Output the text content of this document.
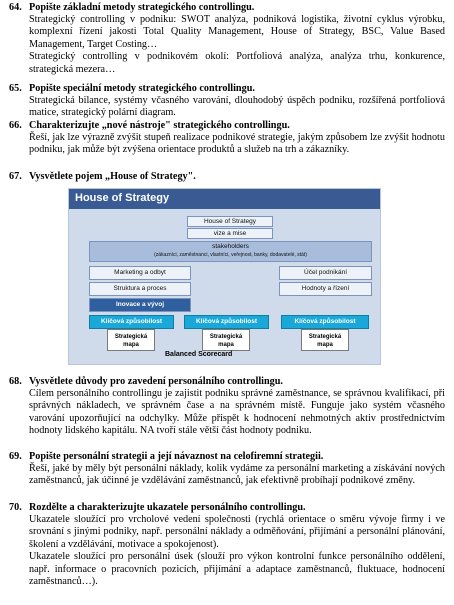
64. Popište základní metody strategického controllingu.

Strategický controlling v podniku: SWOT analýza, podniková logistika, životní cyklus výrobku, komplexní řízení jakosti Total Quality Management, House of Strategy, BSC, Value Based Management, Target Costing…

Strategický controlling v podnikovém okolí: Portfoliová analýza, analýza trhu, konkurence, strategická mezera…

65. Popište speciální metody strategického controllingu.

Strategická bilance, systémy včasného varování, dlouhodobý úspěch podniku, rozšířená portfoliová matice, strategický polární diagram.

66. Charakterizujte „nové nástroje" strategického controllingu.

Řeší, jak lze výrazně zvýšit stupeň realizace podnikové strategie, jakým způsobem lze zvýšit hodnotu podniku, jak může být zvýšena orientace produktů a služeb na trh a zákazníky.

67. Vysvětlete pojem „House of Strategy".
House of Strategy
House of Strategy
vize a mise
stakeholders
(zákazníci, zaměstnanci, vlastníci, veřejnost, banky, dodavatelé, stát)
Marketing a odbyt
Struktura a proces
Inovace a vývoj
Účel podnikání
Hodnoty a řízení
Klíčová způsobilost	Klíčová způsobilost	Klíčová způsobilost
Strategická mapa
Strategická mapa
Strategická mapa
Balanced Scorecard
68. Vysvětlete důvody pro zavedení personálního controllingu.

Cílem personálního controllingu je zajistit podniku správné zaměstnance, se správnou kvalifikací, při správných nákladech, ve správném čase a na správném místě. Funguje jako systém včasného varování upozorňující na odchylky. Může přispět k hodnocení nehmotných aktiv prostřednictvím hodnoty lidského kapitálu. NA tvoří stále větší část hodnoty podniku.

69. Popište personální strategii a její návaznost na celofiremní strategii.

Řeší, jaké by měly být personální náklady, kolik vydáme za personální marketing a získávání nových zaměstnanců, jak účinné je vzdělávání zaměstnanců, jak efektivně probíhají podnikové změny.

70. Rozdělte a charakterizujte ukazatele personálního controllingu.

Ukazatele sloužící pro vrcholové vedení společnosti (rychlá orientace o směru vývoje firmy i ve srovnání s jinými podniky, např. personální náklady a odměňování, přijímání a personální plánování, školení a vzdělávání, motivace a spokojenost).

Ukazatele sloužící pro personální úsek (slouží pro výkon kontrolní funkce personálního oddělení, např. informace o pracovních pozicích, přijímání a adaptace zaměstnanců, fluktuace, hodnocení zaměstnanců…).
